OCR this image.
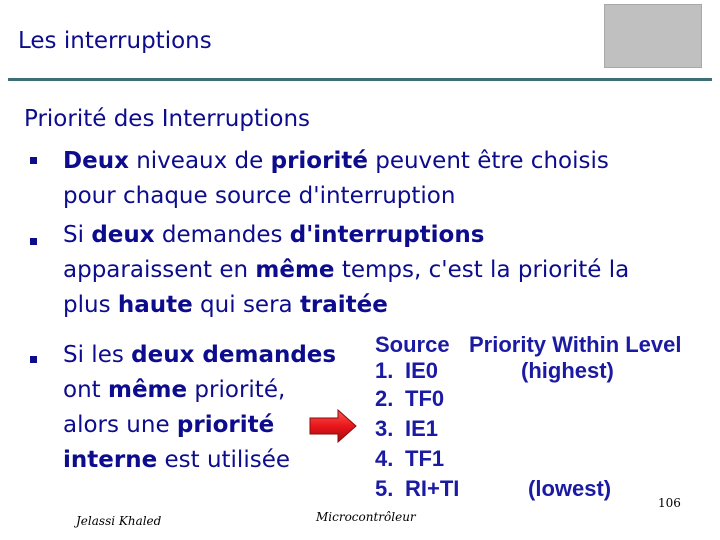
Les interruptions
Priorité des Interruptions
Deux niveaux de priorité peuvent être choisis
pour chaque source d'interruption
Si deux demandes d'interruptions
apparaissent en même temps, c'est la priorité la
plus haute qui sera traitée
Si les deux demandes
ont même priorité,
alors une priorité
interne est utilisée
Source Priority Within Level
1. IE0	(highest)
2. TF0
3. IE1
4. TF1
5. RI+TI	(lowest)
Jelassi Khaled	Microcontrôleur
106
